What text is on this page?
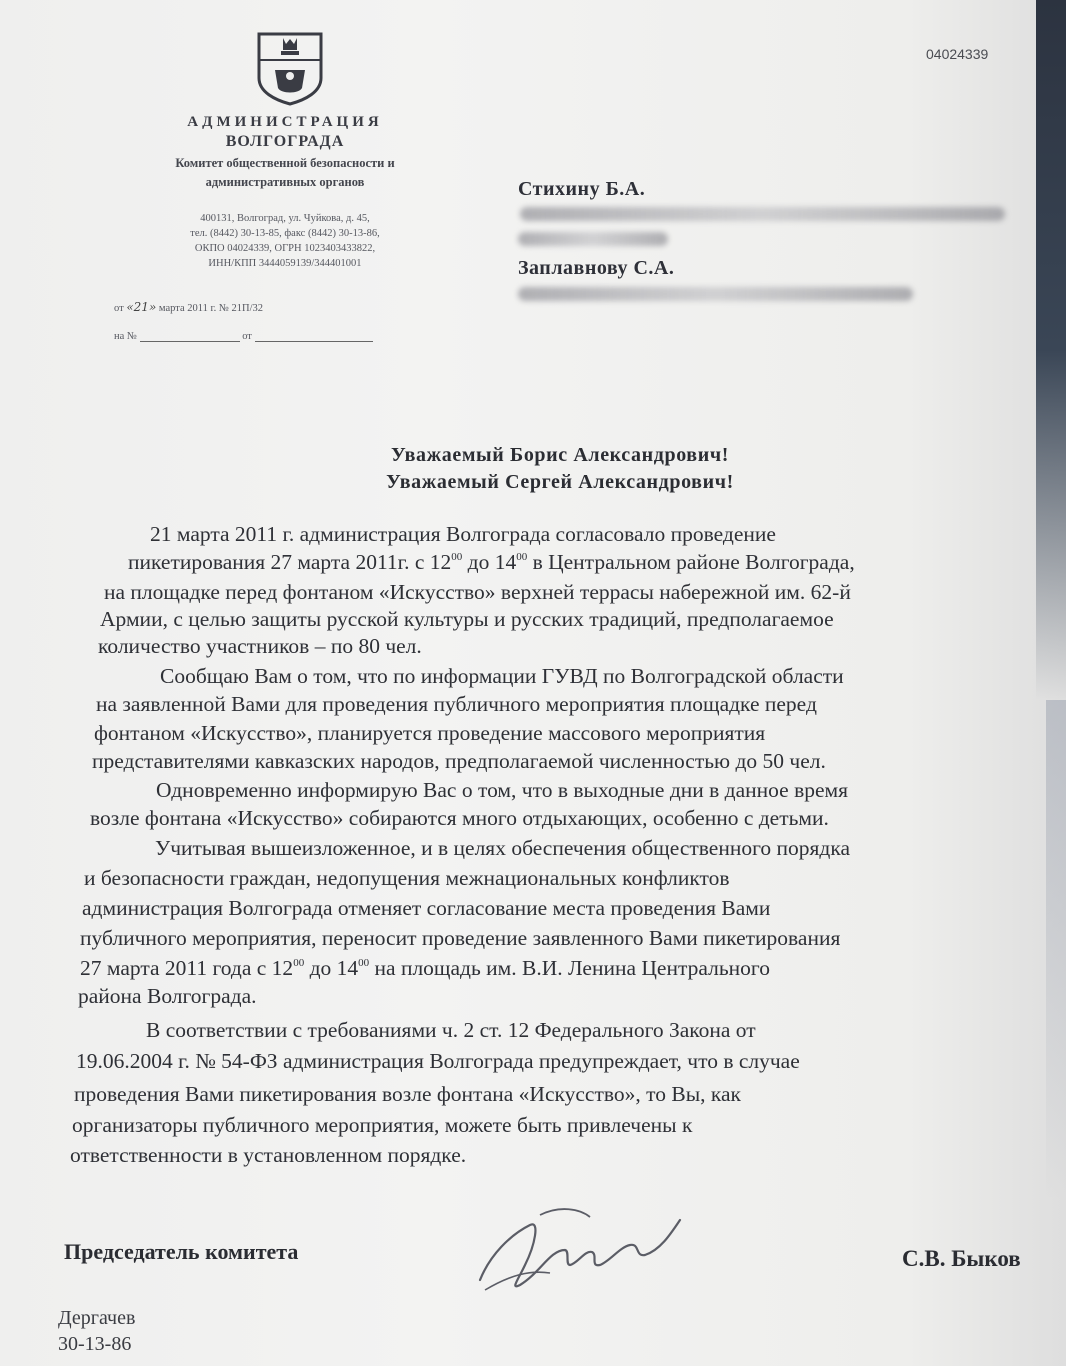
АДМИНИСТРАЦИЯ
ВОЛГОГРАДА
Комитет общественной безопасности и
административных органов
400131, Волгоград, ул. Чуйкова, д. 45,
тел. (8442) 30-13-85, факс (8442) 30-13-86,
ОКПО 04024339, ОГРН 1023403433822,
ИНН/КПП 3444059139/344401001
от «21» марта 2011 г. № 21П/32
на №	от
04024339
Стихину Б.А.
Заплавнову С.А.
Уважаемый Борис Александрович!
Уважаемый Сергей Александрович!
21 марта 2011 г. администрация Волгограда согласовало проведение
пикетирования 27 марта 2011г. с $12^{00}$ до $14^{00}$ в Центральном районе Волгограда,
на площадке перед фонтаном «Искусство» верхней террасы набережной им. 62-й
Армии, с целью защиты русской культуры и русских традиций, предполагаемое
количество участников – по 80 чел.
Сообщаю Вам о том, что по информации ГУВД по Волгоградской области
на заявленной Вами для проведения публичного мероприятия площадке перед
фонтаном «Искусство», планируется проведение массового мероприятия
представителями кавказских народов, предполагаемой численностью до 50 чел.
Одновременно информирую Вас о том, что в выходные дни в данное время
возле фонтана «Искусство» собираются много отдыхающих, особенно с детьми.
Учитывая вышеизложенное, и в целях обеспечения общественного порядка
и безопасности граждан, недопущения межнациональных конфликтов
администрация Волгограда отменяет согласование места проведения Вами
публичного мероприятия, переносит проведение заявленного Вами пикетирования
27 марта 2011 года с $12^{00}$ до $14^{00}$ на площадь им. В.И. Ленина Центрального
района Волгограда.
В соответствии с требованиями ч. 2 ст. 12 Федерального Закона от
19.06.2004 г. № 54-ФЗ администрация Волгограда предупреждает, что в случае
проведения Вами пикетирования возле фонтана «Искусство», то Вы, как
организаторы публичного мероприятия, можете быть привлечены к
ответственности в установленном порядке.
Председатель комитета	С.В. Быков
Дергачев
30-13-86
